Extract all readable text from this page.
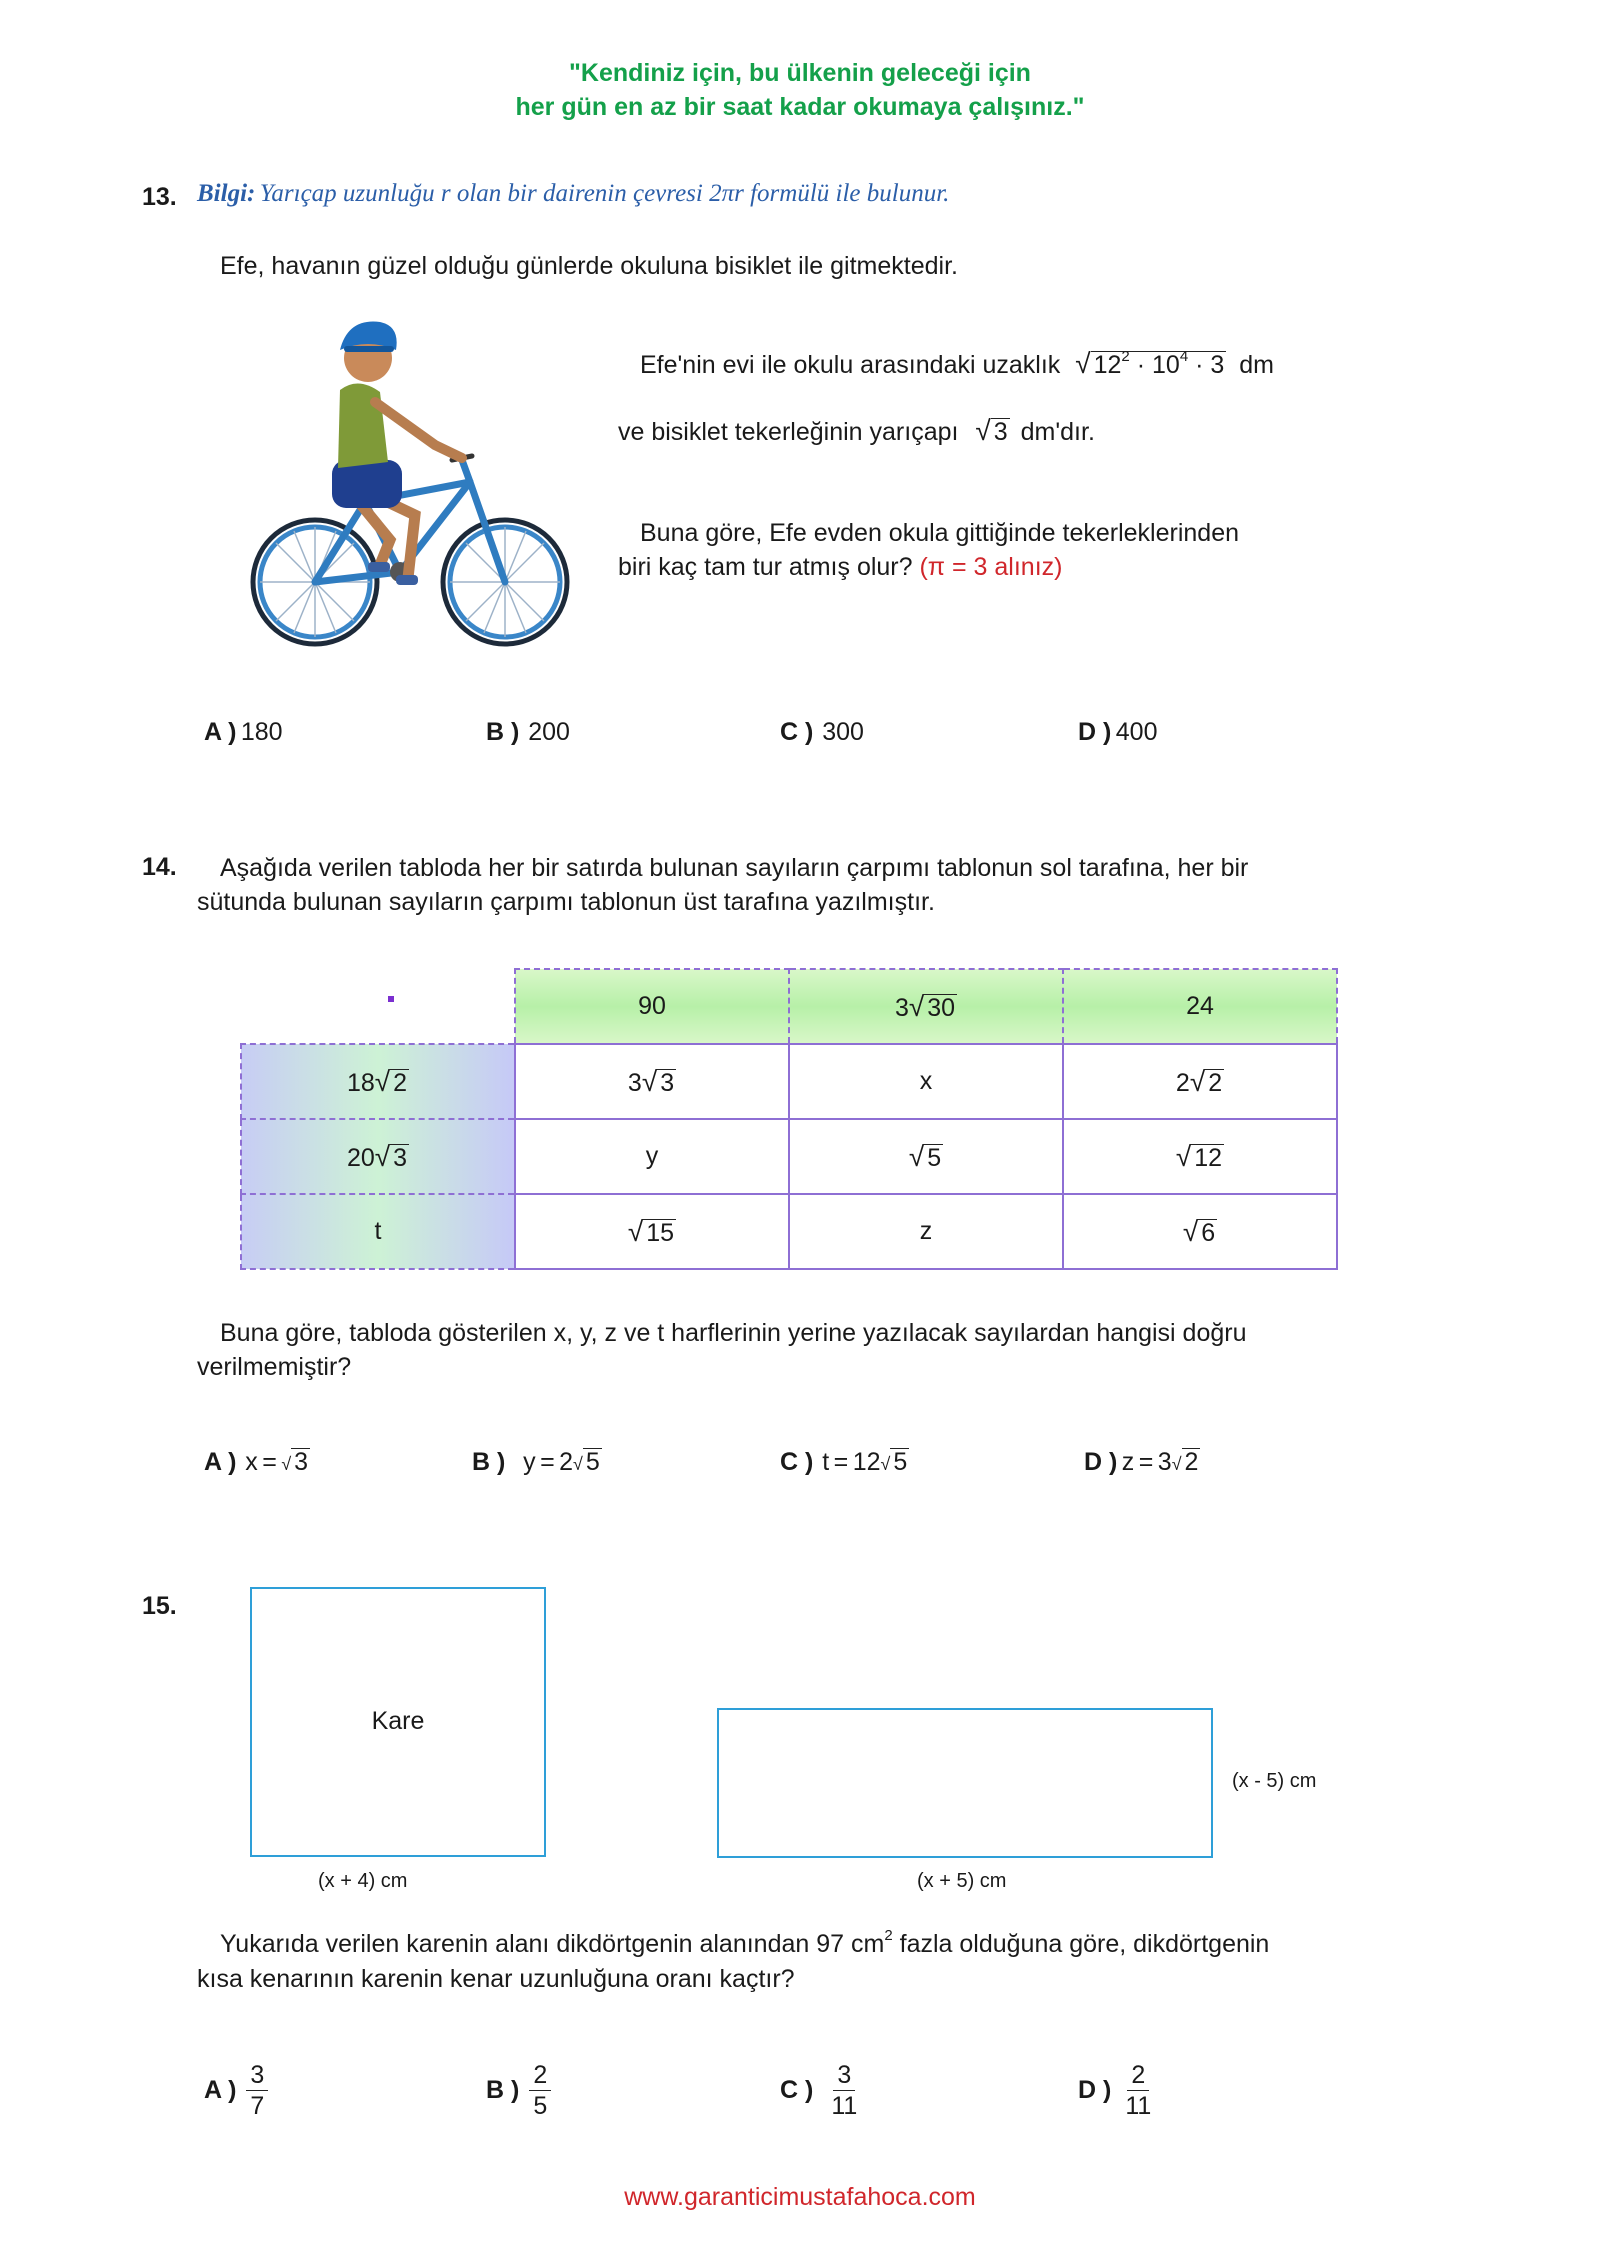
"Kendiniz için, bu ülkenin geleceği için
her gün en az bir saat kadar okumaya çalışınız."
13. Bilgi: Yarıçap uzunluğu r olan bir dairenin çevresi 2πr formülü ile bulunur.
Efe, havanın güzel olduğu günlerde okuluna bisiklet ile gitmektedir.
Efe'nin evi ile okulu arasındaki uzaklık √ $12^2 \cdot 10^4 \cdot 3$ dm
ve bisiklet tekerleğinin yarıçapı √ 3 dm'dır.
Buna göre, Efe evden okula gittiğinde tekerleklerinden
biri kaç tam tur atmış olur? (π = 3 alınız)
A ) 180	B ) 200	C ) 300	D ) 400
14. Aşağıda verilen tabloda her bir satırda bulunan sayıların çarpımı tablonun sol tarafına, her bir
sütunda bulunan sayıların çarpımı tablonun üst tarafına yazılmıştır.
	90	3√ 30	24
18√ 2	3√ 3	x	2√ 2
20√ 3	y	√ 5	√ 12
t	√ 15	z	√ 6
Buna göre, tabloda gösterilen x, y, z ve t harflerinin yerine yazılacak sayılardan hangisi doğru
verilmemiştir?
A ) x = √ 3	B ) y = 2√ 5	C ) t = 12√ 5	D ) z = 3√ 2
15.
Kare
(x + 4) cm
(x - 5) cm
(x + 5) cm
Yukarıda verilen karenin alanı dikdörtgenin alanından 97 $cm^2$ fazla olduğuna göre, dikdörtgenin
kısa kenarının karenin kenar uzunluğuna oranı kaçtır?
A ) $\frac{3}{7}$	B ) $\frac{2}{5}$	C ) $\frac{3}{11}$	D ) $\frac{2}{11}$
www.garanticimustafahoca.com
